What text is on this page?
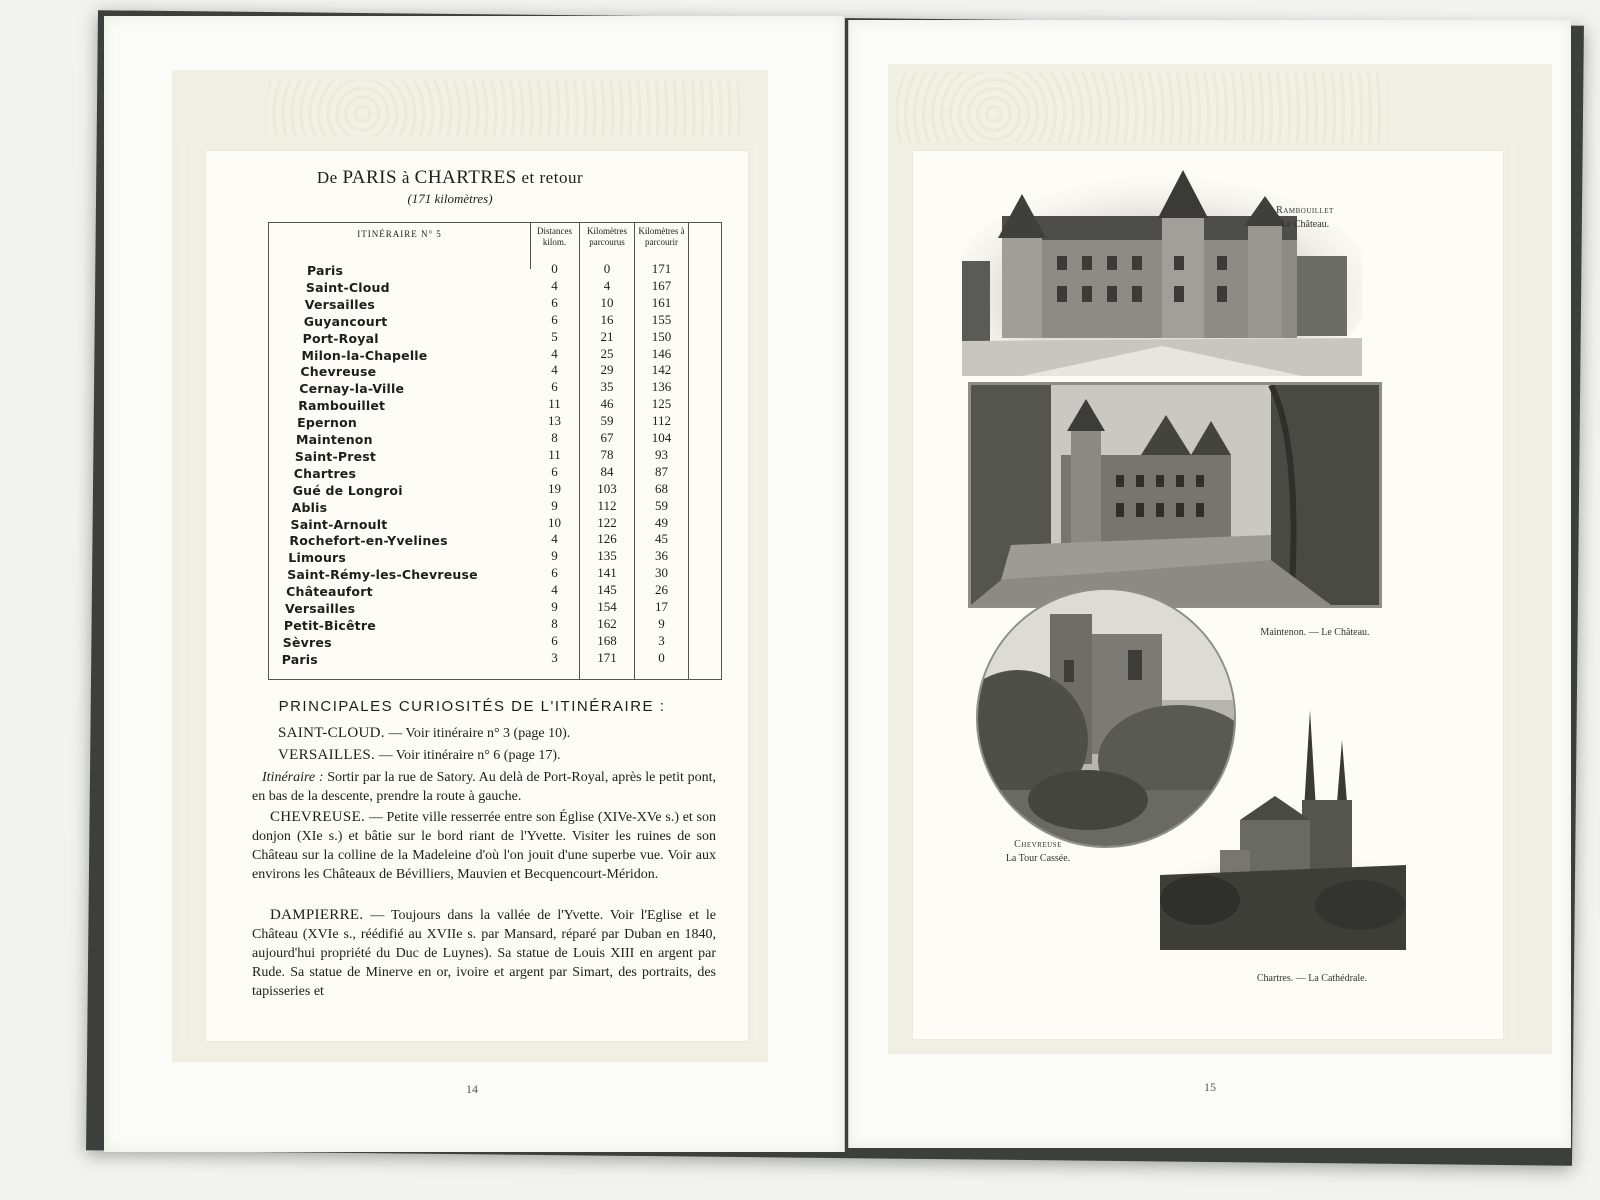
De PARIS à CHARTRES et retour
(171 kilomètres)
ITINÉRAIRE N° 5
Paris
Saint-Cloud
Versailles
Guyancourt
Port-Royal
Milon-la-Chapelle
Chevreuse
Cernay-la-Ville
Rambouillet
Epernon
Maintenon
Saint-Prest
Chartres
Gué de Longroi
Ablis
Saint-Arnoult
Rochefort-en-Yvelines
Limours
Saint-Rémy-les-Chevreuse
Châteaufort
Versailles
Petit-Bicêtre
Sèvres
Paris
Distances kilom.
0
4
6
6
5
4
4
6
11
13
8
11
6
19
9
10
4
9
6
4
9
8
6
3
Kilomètres parcourus
0
4
10
16
21
25
29
35
46
59
67
78
84
103
112
122
126
135
141
145
154
162
168
171
Kilomètres à parcourir
171
167
161
155
150
146
142
136
125
112
104
93
87
68
59
49
45
36
30
26
17
9
3
0
PRINCIPALES CURIOSITÉS DE L'ITINÉRAIRE :
SAINT-CLOUD. — Voir itinéraire n° 3 (page 10).
VERSAILLES. — Voir itinéraire n° 6 (page 17).
Itinéraire : Sortir par la rue de Satory. Au delà de Port-Royal, après le petit pont, en bas de la descente, prendre la route à gauche.
CHEVREUSE. — Petite ville resserrée entre son Église (XIVe-XVe s.) et son donjon (XIe s.) et bâtie sur le bord riant de l'Yvette. Visiter les ruines de son Château sur la colline de la Madeleine d'où l'on jouit d'une superbe vue. Voir aux environs les Châteaux de Bévilliers, Mauvien et Becquencourt-Méridon.
DAMPIERRE. — Toujours dans la vallée de l'Yvette. Voir l'Eglise et le Château (XVIe s., réédifié au XVIIe s. par Mansard, réparé par Duban en 1840, aujourd'hui propriété du Duc de Luynes). Sa statue de Louis XIII en argent par Rude. Sa statue de Minerve en or, ivoire et argent par Simart, des portraits, des tapisseries et
14
Rambouillet
Le Château.
Maintenon. — Le Château.
Chevreuse
La Tour Cassée.
Chartres. — La Cathédrale.
15
